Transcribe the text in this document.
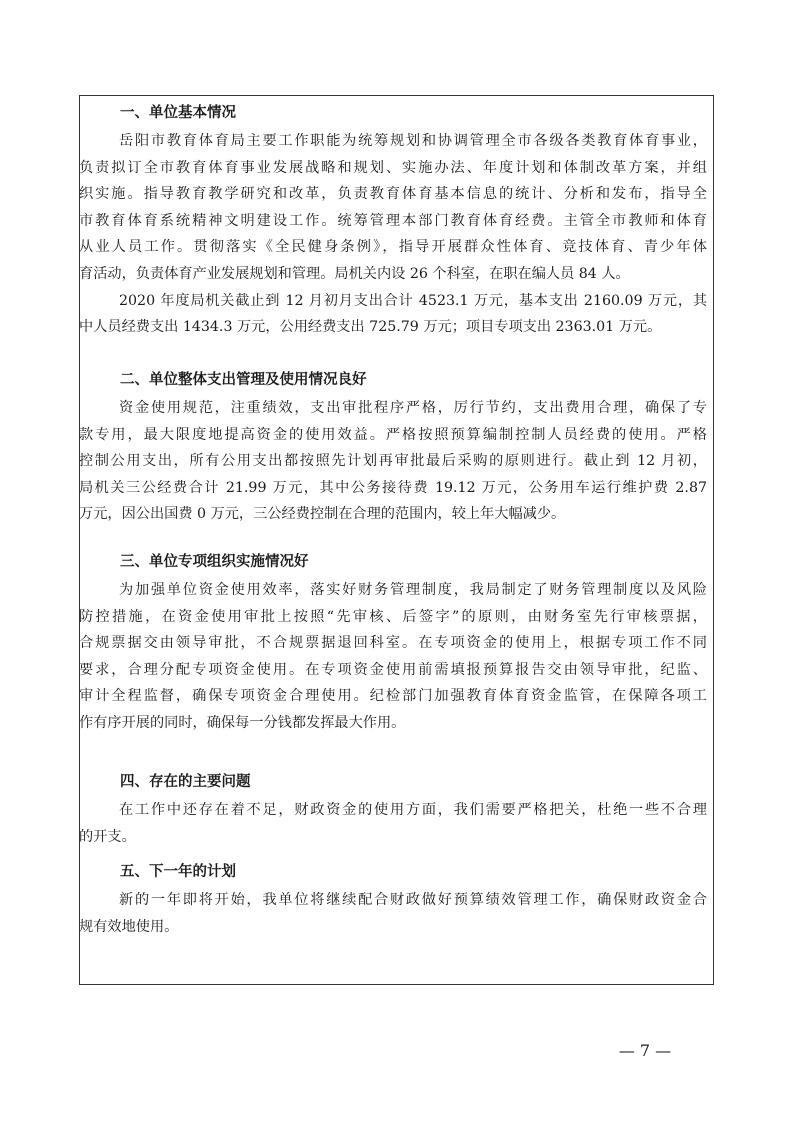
一、单位基本情况
岳阳市教育体育局主要工作职能为统筹规划和协调管理全市各级各类教育体育事业，
负责拟订全市教育体育事业发展战略和规划、实施办法、年度计划和体制改革方案，并组
织实施。指导教育教学研究和改革，负责教育体育基本信息的统计、分析和发布，指导全
市教育体育系统精神文明建设工作。统筹管理本部门教育体育经费。主管全市教师和体育
从业人员工作。贯彻落实《全民健身条例》，指导开展群众性体育、竞技体育、青少年体
育活动，负责体育产业发展规划和管理。局机关内设 26 个科室，在职在编人员 84 人。
2020 年度局机关截止到 12 月初月支出合计 4523.1 万元，基本支出 2160.09 万元，其
中人员经费支出 1434.3 万元，公用经费支出 725.79 万元；项目专项支出 2363.01 万元。
二、单位整体支出管理及使用情况良好
资金使用规范，注重绩效，支出审批程序严格，厉行节约，支出费用合理，确保了专
款专用，最大限度地提高资金的使用效益。严格按照预算编制控制人员经费的使用。严格
控制公用支出，所有公用支出都按照先计划再审批最后采购的原则进行。截止到 12 月初，
局机关三公经费合计 21.99 万元，其中公务接待费 19.12 万元，公务用车运行维护费 2.87
万元，因公出国费 0 万元，三公经费控制在合理的范围内，较上年大幅减少。
三、单位专项组织实施情况好
为加强单位资金使用效率，落实好财务管理制度，我局制定了财务管理制度以及风险
防控措施，在资金使用审批上按照“先审核、后签字”的原则，由财务室先行审核票据，
合规票据交由领导审批，不合规票据退回科室。在专项资金的使用上，根据专项工作不同
要求，合理分配专项资金使用。在专项资金使用前需填报预算报告交由领导审批，纪监、
审计全程监督，确保专项资金合理使用。纪检部门加强教育体育资金监管，在保障各项工
作有序开展的同时，确保每一分钱都发挥最大作用。
四、存在的主要问题
在工作中还存在着不足，财政资金的使用方面，我们需要严格把关，杜绝一些不合理
的开支。
五、下一年的计划
新的一年即将开始，我单位将继续配合财政做好预算绩效管理工作，确保财政资金合
规有效地使用。
— 7 —
